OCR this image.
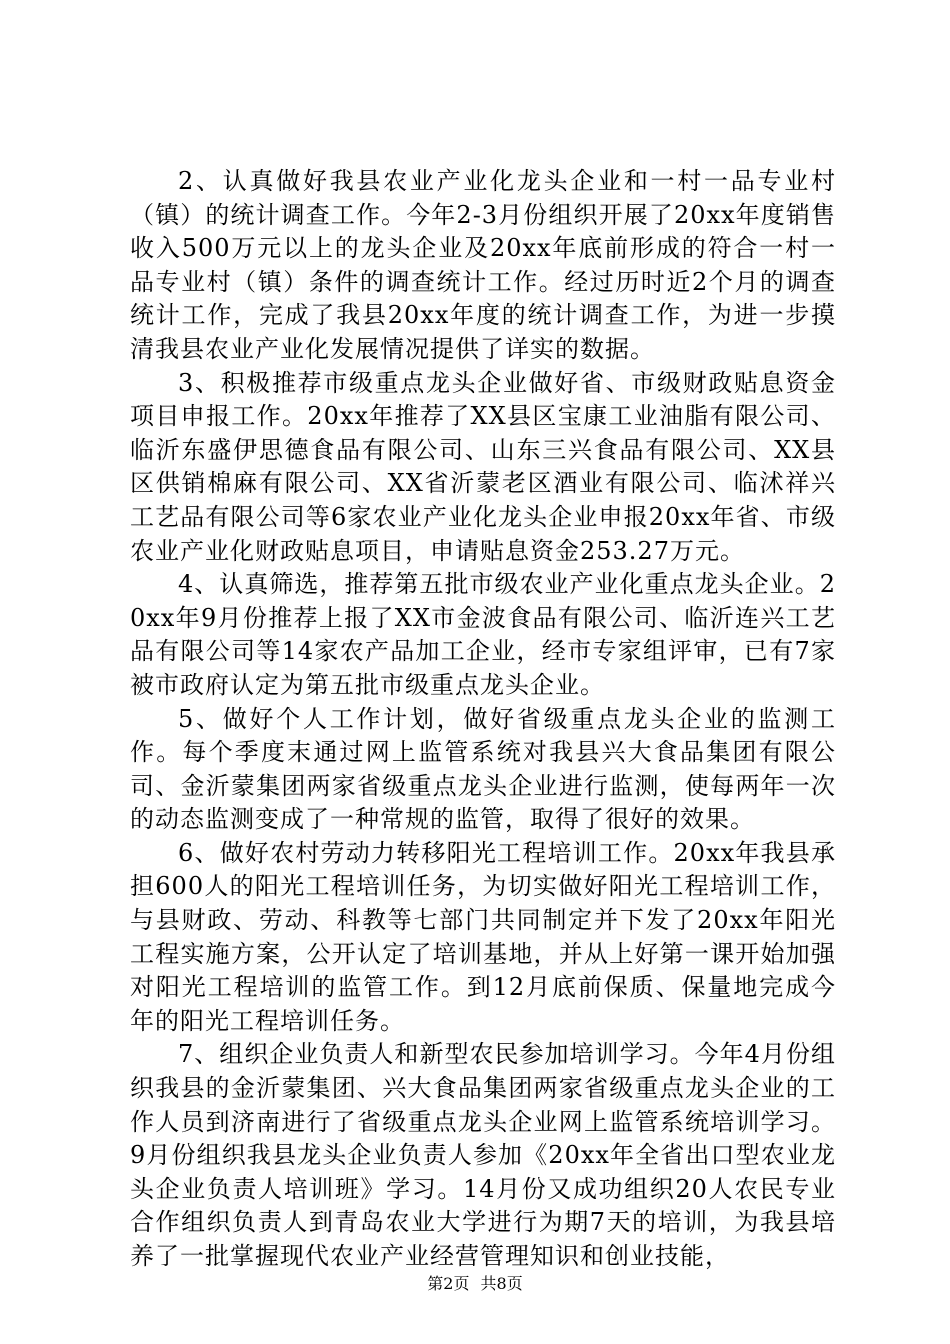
2、认真做好我县农业产业化龙头企业和一村一品专业村（镇）的统计调查工作。今年2-3月份组织开展了20xx年度销售收入500万元以上的龙头企业及20xx年底前形成的符合一村一品专业村（镇）条件的调查统计工作。经过历时近2个月的调查统计工作，完成了我县20xx年度的统计调查工作，为进一步摸清我县农业产业化发展情况提供了详实的数据。

3、积极推荐市级重点龙头企业做好省、市级财政贴息资金项目申报工作。20xx年推荐了XX县区宝康工业油脂有限公司、临沂东盛伊思德食品有限公司、山东三兴食品有限公司、XX县区供销棉麻有限公司、XX省沂蒙老区酒业有限公司、临沭祥兴工艺品有限公司等6家农业产业化龙头企业申报20xx年省、市级农业产业化财政贴息项目，申请贴息资金253.27万元。

4、认真筛选，推荐第五批市级农业产业化重点龙头企业。20xx年9月份推荐上报了XX市金波食品有限公司、临沂连兴工艺品有限公司等14家农产品加工企业，经市专家组评审，已有7家被市政府认定为第五批市级重点龙头企业。

5、做好个人工作计划，做好省级重点龙头企业的监测工作。每个季度末通过网上监管系统对我县兴大食品集团有限公司、金沂蒙集团两家省级重点龙头企业进行监测，使每两年一次的动态监测变成了一种常规的监管，取得了很好的效果。

6、做好农村劳动力转移阳光工程培训工作。20xx年我县承担600人的阳光工程培训任务，为切实做好阳光工程培训工作，与县财政、劳动、科教等七部门共同制定并下发了20xx年阳光工程实施方案，公开认定了培训基地，并从上好第一课开始加强对阳光工程培训的监管工作。到12月底前保质、保量地完成今年的阳光工程培训任务。

7、组织企业负责人和新型农民参加培训学习。今年4月份组织我县的金沂蒙集团、兴大食品集团两家省级重点龙头企业的工作人员到济南进行了省级重点龙头企业网上监管系统培训学习。9月份组织我县龙头企业负责人参加《20xx年全省出口型农业龙头企业负责人培训班》学习。14月份又成功组织20人农民专业合作组织负责人到青岛农业大学进行为期7天的培训，为我县培养了一批掌握现代农业产业经营管理知识和创业技能，

第2页 共8页
